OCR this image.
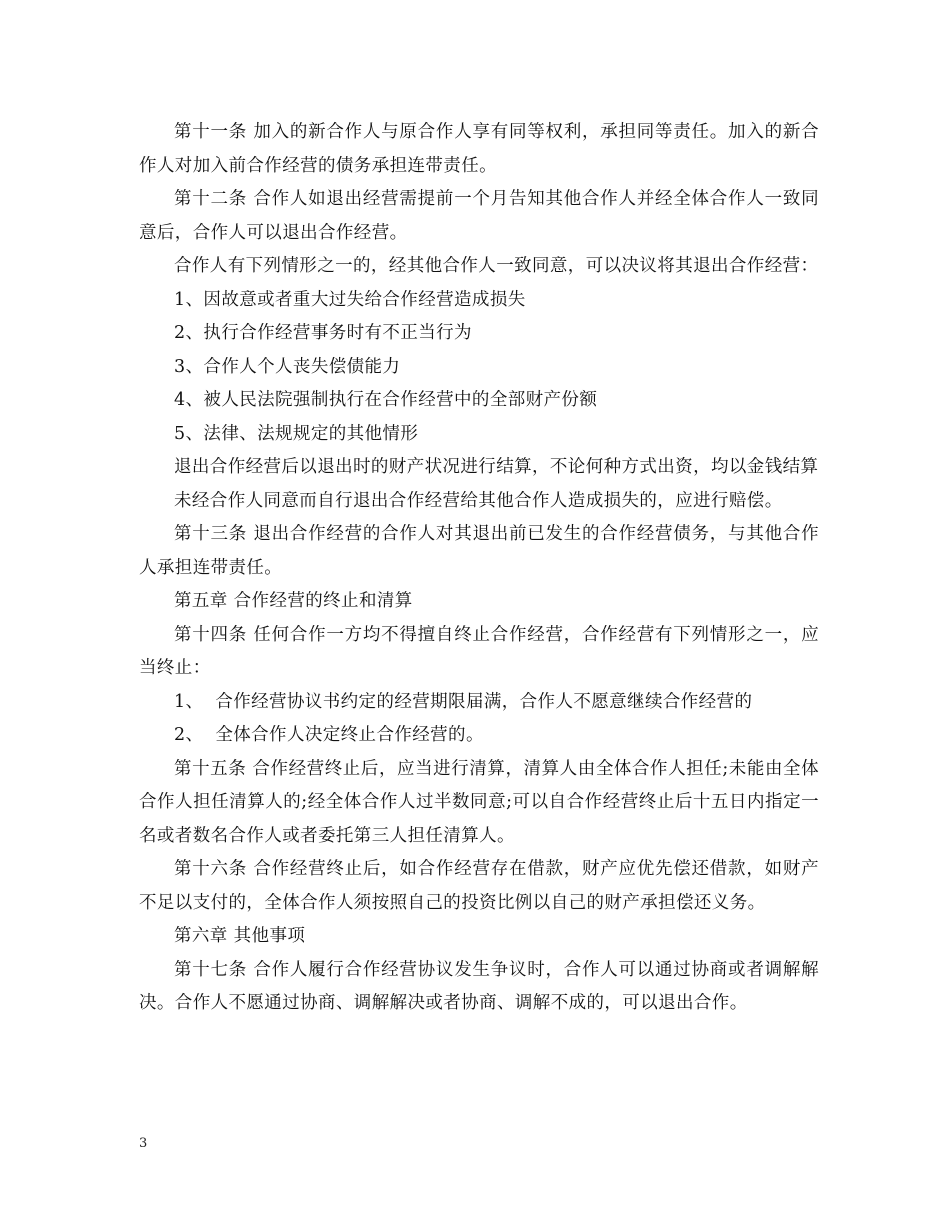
第十一条 加入的新合作人与原合作人享有同等权利，承担同等责任。加入的新合作人对加入前合作经营的债务承担连带责任。

第十二条 合作人如退出经营需提前一个月告知其他合作人并经全体合作人一致同意后，合作人可以退出合作经营。

合作人有下列情形之一的，经其他合作人一致同意，可以决议将其退出合作经营：

1、因故意或者重大过失给合作经营造成损失

2、执行合作经营事务时有不正当行为

3、合作人个人丧失偿债能力

4、被人民法院强制执行在合作经营中的全部财产份额

5、法律、法规规定的其他情形

退出合作经营后以退出时的财产状况进行结算，不论何种方式出资，均以金钱结算

未经合作人同意而自行退出合作经营给其他合作人造成损失的，应进行赔偿。

第十三条 退出合作经营的合作人对其退出前已发生的合作经营债务，与其他合作人承担连带责任。

第五章 合作经营的终止和清算

第十四条 任何合作一方均不得擅自终止合作经营，合作经营有下列情形之一，应当终止：

1、  合作经营协议书约定的经营期限届满，合作人不愿意继续合作经营的

2、  全体合作人决定终止合作经营的。

第十五条 合作经营终止后，应当进行清算，清算人由全体合作人担任;未能由全体合作人担任清算人的;经全体合作人过半数同意;可以自合作经营终止后十五日内指定一名或者数名合作人或者委托第三人担任清算人。

第十六条 合作经营终止后，如合作经营存在借款，财产应优先偿还借款，如财产不足以支付的，全体合作人须按照自己的投资比例以自己的财产承担偿还义务。

第六章 其他事项

第十七条 合作人履行合作经营协议发生争议时，合作人可以通过协商或者调解解决。合作人不愿通过协商、调解解决或者协商、调解不成的，可以退出合作。

3
